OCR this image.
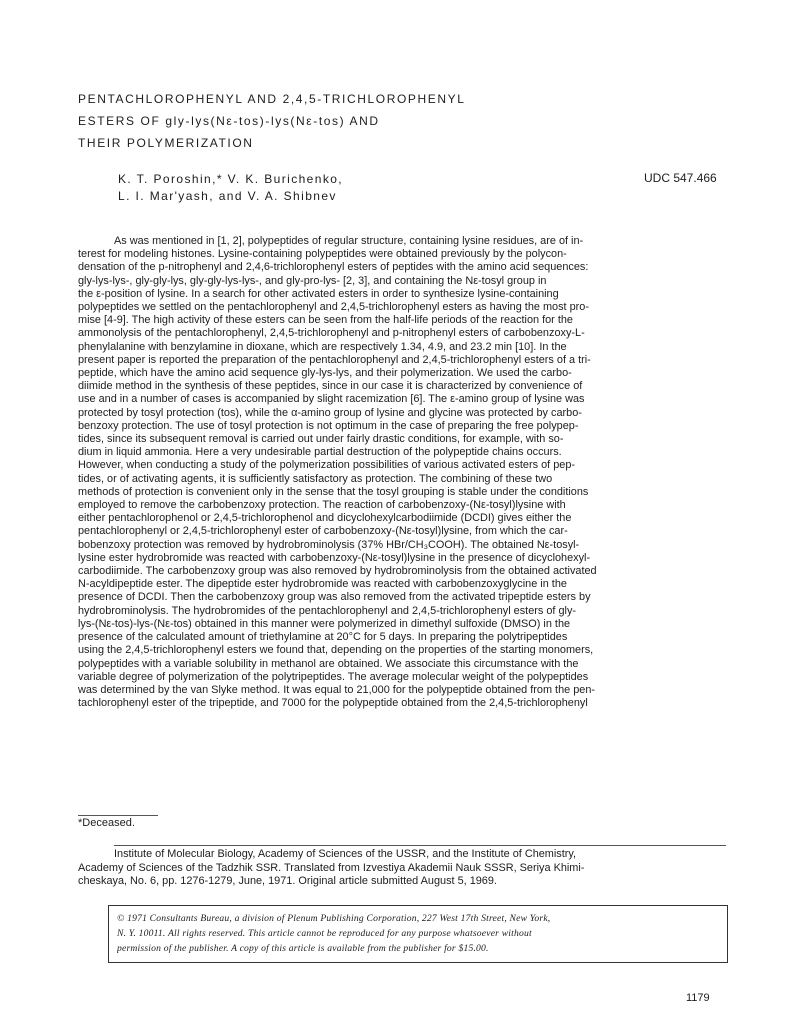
PENTACHLOROPHENYL AND 2,4,5-TRICHLOROPHENYL
ESTERS OF gly-lys(Nε-tos)-lys(Nε-tos) AND
THEIR POLYMERIZATION
K. T. Poroshin,* V. K. Burichenko,
L. I. Mar'yash, and V. A. Shibnev
UDC 547.466
As was mentioned in [1, 2], polypeptides of regular structure, containing lysine residues, are of in-
terest for modeling histones. Lysine-containing polypeptides were obtained previously by the polycon-
densation of the p-nitrophenyl and 2,4,6-trichlorophenyl esters of peptides with the amino acid sequences:
gly-lys-lys-, gly-gly-lys, gly-gly-lys-lys-, and gly-pro-lys- [2, 3], and containing the Nε-tosyl group in
the ε-position of lysine. In a search for other activated esters in order to synthesize lysine-containing
polypeptides we settled on the pentachlorophenyl and 2,4,5-trichlorophenyl esters as having the most pro-
mise [4-9]. The high activity of these esters can be seen from the half-life periods of the reaction for the
ammonolysis of the pentachlorophenyl, 2,4,5-trichlorophenyl and p-nitrophenyl esters of carbobenzoxy-L-
phenylalanine with benzylamine in dioxane, which are respectively 1.34, 4.9, and 23.2 min [10]. In the
present paper is reported the preparation of the pentachlorophenyl and 2,4,5-trichlorophenyl esters of a tri-
peptide, which have the amino acid sequence gly-lys-lys, and their polymerization. We used the carbo-
diimide method in the synthesis of these peptides, since in our case it is characterized by convenience of
use and in a number of cases is accompanied by slight racemization [6]. The ε-amino group of lysine was
protected by tosyl protection (tos), while the α-amino group of lysine and glycine was protected by carbo-
benzoxy protection. The use of tosyl protection is not optimum in the case of preparing the free polypep-
tides, since its subsequent removal is carried out under fairly drastic conditions, for example, with so-
dium in liquid ammonia. Here a very undesirable partial destruction of the polypeptide chains occurs.
However, when conducting a study of the polymerization possibilities of various activated esters of pep-
tides, or of activating agents, it is sufficiently satisfactory as protection. The combining of these two
methods of protection is convenient only in the sense that the tosyl grouping is stable under the conditions
employed to remove the carbobenzoxy protection. The reaction of carbobenzoxy-(Nε-tosyl)lysine with
either pentachlorophenol or 2,4,5-trichlorophenol and dicyclohexylcarbodiimide (DCDI) gives either the
pentachlorophenyl or 2,4,5-trichlorophenyl ester of carbobenzoxy-(Nε-tosyl)lysine, from which the car-
bobenzoxy protection was removed by hydrobrominolysis (37% HBr/CH₃COOH). The obtained Nε-tosyl-
lysine ester hydrobromide was reacted with carbobenzoxy-(Nε-tosyl)lysine in the presence of dicyclohexyl-
carbodiimide. The carbobenzoxy group was also removed by hydrobrominolysis from the obtained activated
N-acyldipeptide ester. The dipeptide ester hydrobromide was reacted with carbobenzoxyglycine in the
presence of DCDI. Then the carbobenzoxy group was also removed from the activated tripeptide esters by
hydrobrominolysis. The hydrobromides of the pentachlorophenyl and 2,4,5-trichlorophenyl esters of gly-
lys-(Nε-tos)-lys-(Nε-tos) obtained in this manner were polymerized in dimethyl sulfoxide (DMSO) in the
presence of the calculated amount of triethylamine at 20°C for 5 days. In preparing the polytripeptides
using the 2,4,5-trichlorophenyl esters we found that, depending on the properties of the starting monomers,
polypeptides with a variable solubility in methanol are obtained. We associate this circumstance with the
variable degree of polymerization of the polytripeptides. The average molecular weight of the polypeptides
was determined by the van Slyke method. It was equal to 21,000 for the polypeptide obtained from the pen-
tachlorophenyl ester of the tripeptide, and 7000 for the polypeptide obtained from the 2,4,5-trichlorophenyl
*Deceased.
Institute of Molecular Biology, Academy of Sciences of the USSR, and the Institute of Chemistry,
Academy of Sciences of the Tadzhik SSR. Translated from Izvestiya Akademii Nauk SSSR, Seriya Khimi-
cheskaya, No. 6, pp. 1276-1279, June, 1971. Original article submitted August 5, 1969.
© 1971 Consultants Bureau, a division of Plenum Publishing Corporation, 227 West 17th Street, New York,
N. Y. 10011. All rights reserved. This article cannot be reproduced for any purpose whatsoever without
permission of the publisher. A copy of this article is available from the publisher for $15.00.
1179
